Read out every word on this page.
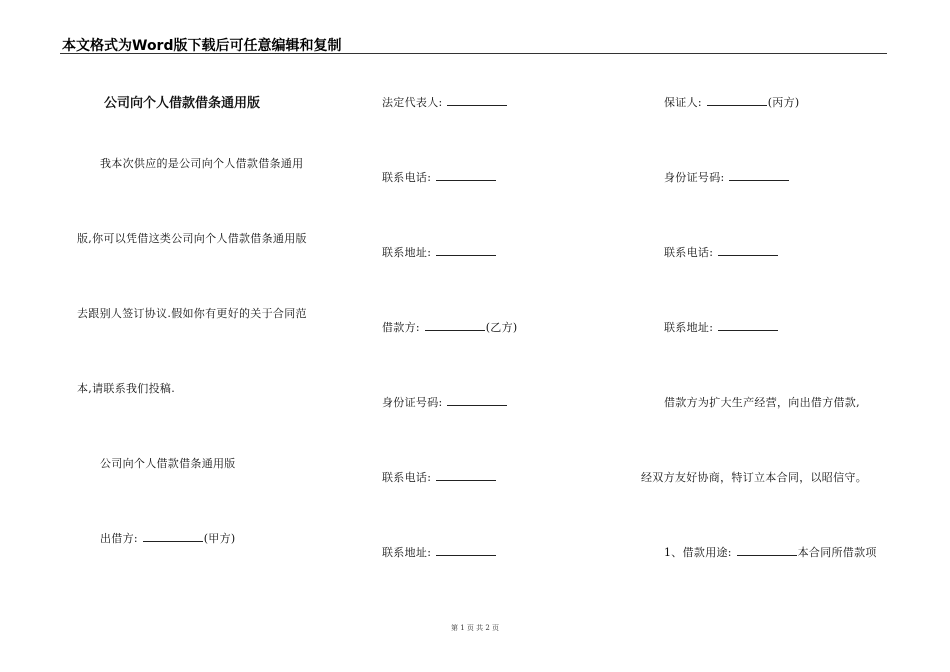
本文格式为Word版下载后可任意编辑和复制
公司向个人借款借条通用版
我本次供应的是公司向个人借款借条通用
版,你可以凭借这类公司向个人借款借条通用版
去跟别人签订协议.假如你有更好的关于合同范
本,请联系我们投稿.
公司向个人借款借条通用版
出借方:	(甲方)
法定代表人:
联系电话:
联系地址:
借款方:	(乙方)
身份证号码:
联系电话:
联系地址:
保证人:	(丙方)
身份证号码:
联系电话:
联系地址:
借款方为扩大生产经营，向出借方借款,
经双方友好协商，特订立本合同，以昭信守。
1、借款用途:	本合同所借款项
第 1 页 共 2 页
